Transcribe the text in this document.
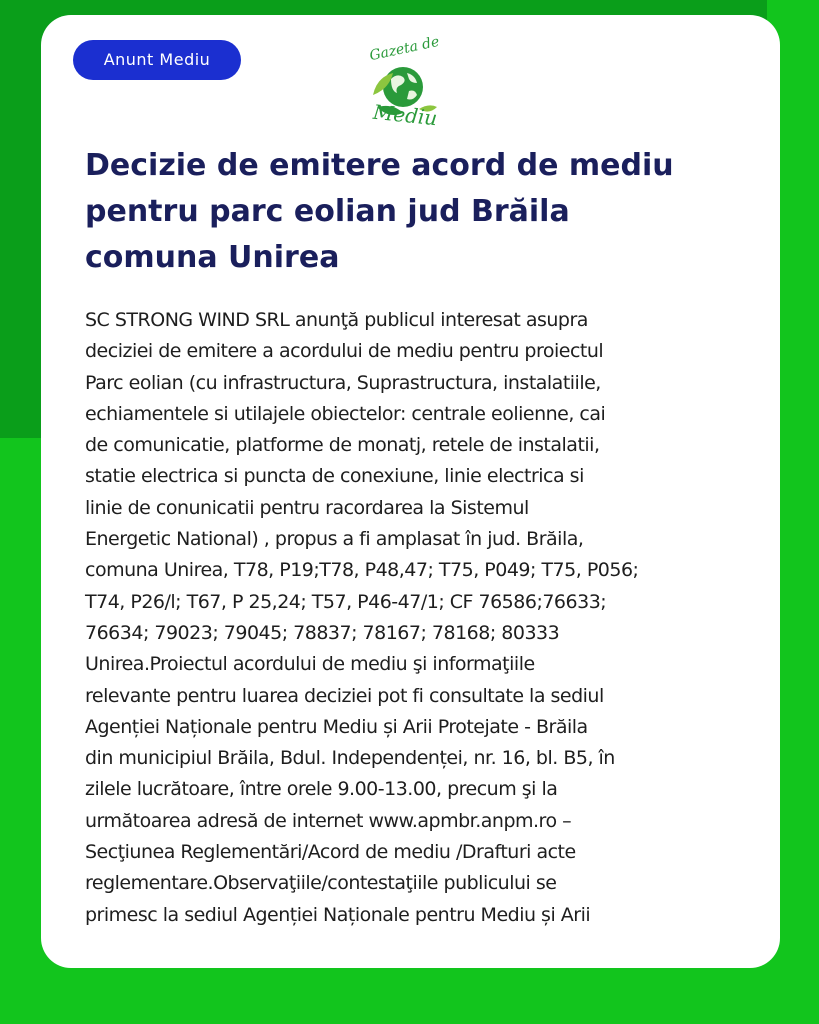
Anunt Mediu	Gazeta de
Mediu
Decizie de emitere acord de mediu
pentru parc eolian jud Brăila
comuna Unirea

SC STRONG WIND SRL anunţă publicul interesat asupra
deciziei de emitere a acordului de mediu pentru proiectul
Parc eolian (cu infrastructura, Suprastructura, instalatiile,
echiamentele si utilajele obiectelor: centrale eolienne, cai
de comunicatie, platforme de monatj, retele de instalatii,
statie electrica si puncta de conexiune, linie electrica si
linie de conunicatii pentru racordarea la Sistemul
Energetic National) , propus a fi amplasat în jud. Brăila,
comuna Unirea, T78, P19;T78, P48,47; T75, P049; T75, P056;
T74, P26/l; T67, P 25,24; T57, P46-47/1; CF 76586;76633;
76634; 79023; 79045; 78837; 78167; 78168; 80333
Unirea.Proiectul acordului de mediu şi informaţiile
relevante pentru luarea deciziei pot fi consultate la sediul
Agenției Naționale pentru Mediu și Arii Protejate - Brăila
din municipiul Brăila, Bdul. Independenței, nr. 16, bl. B5, în
zilele lucrătoare, între orele 9.00-13.00, precum şi la
următoarea adresă de internet www.apmbr.anpm.ro –
Secţiunea Reglementări/Acord de mediu /Drafturi acte
reglementare.Observaţiile/contestaţiile publicului se
primesc la sediul Agenției Naționale pentru Mediu și Arii
